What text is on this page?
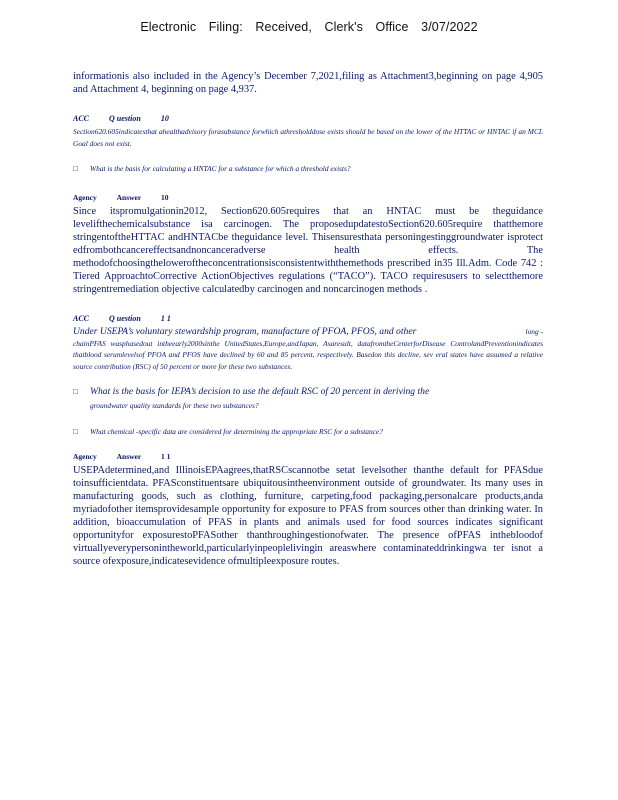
Electronic Filing: Received, Clerk's Office 3/07/2022

informationis also included in the Agency’s December 7,2021,filing as Attachment3,beginning on page 4,905 and Attachment 4, beginning on page 4,937.

ACC	Q uestion	10
Section620.605indicatesthat ahealthadvisory forasubstance forwhich athresholddose exists should be based on the lower of the HTTAC or HNTAC if an MCL Goal does not exist.
□	What is the basis for calculating a HNTAC for a substance for which a threshold exists?
Agency	Answer	10
Since itspromulgationin2012, Section620.605requires that an HNTAC must be theguidance levelifthechemicalsubstance isa carcinogen. The proposedupdatestoSection620.605require thatthemore stringentoftheHTTAC andHNTACbe theguidance level. Thisensuresthata personingestinggroundwater isprotect edfrombothcancereffectsandnoncanceradverse health effects. The methodofchoosingtheloweroftheconcentrationsisconsistentwiththemethods prescribed in35 Ill.Adm. Code 742 : Tiered ApproachtoCorrective ActionObjectives regulations (“TACO”). TACO requiresusers to selectthemore stringentremediation objective calculatedby carcinogen and noncarcinogen methods .
ACC	Q uestion	1 1
Under USEPA’s voluntary stewardship program, manufacture of PFOA, PFOS, and other	long -
chainPFAS wasphasedout intheearly2000sinthe UnitedStates,Europe,andJapan, Asaresult, datafromtheCenterforDisease ControlandPreventionindicates thatblood serumlevelsof PFOA and PFOS have declined by 60 and 85 percent, respectively. Basedon this decline, sev eral states have assumed a relative source contribution (RSC) of 50 percent or more for these two substances.
□	What is the basis for IEPA’s decision to use the default RSC of 20 percent in deriving the
groundwater quality standards for these two substances?
□	What chemical -specific data are considered for determining the appropriate RSC for a substance?
Agency	Answer	1 1
USEPAdetermined,and IllinoisEPAagrees,thatRSCscannotbe setat levelsother thanthe default for PFASdue toinsufficientdata. PFASconstituentsare ubiquitousintheenvironment outside of groundwater. Its many uses in manufacturing goods, such as clothing, furniture, carpeting,food packaging,personalcare products,anda myriadofother itemsprovidesample opportunity for exposure to PFAS from sources other than drinking water. In addition, bioaccumulation of PFAS in plants and animals used for food sources indicates significant opportunityfor exposurestoPFASother thanthroughingestionofwater. The presence ofPFAS inthebloodof virtuallyeverypersonintheworld,particularlyinpeoplelivingin areaswhere contaminateddrinkingwa ter isnot a source ofexposure,indicatesevidence ofmultipleexposure routes.
